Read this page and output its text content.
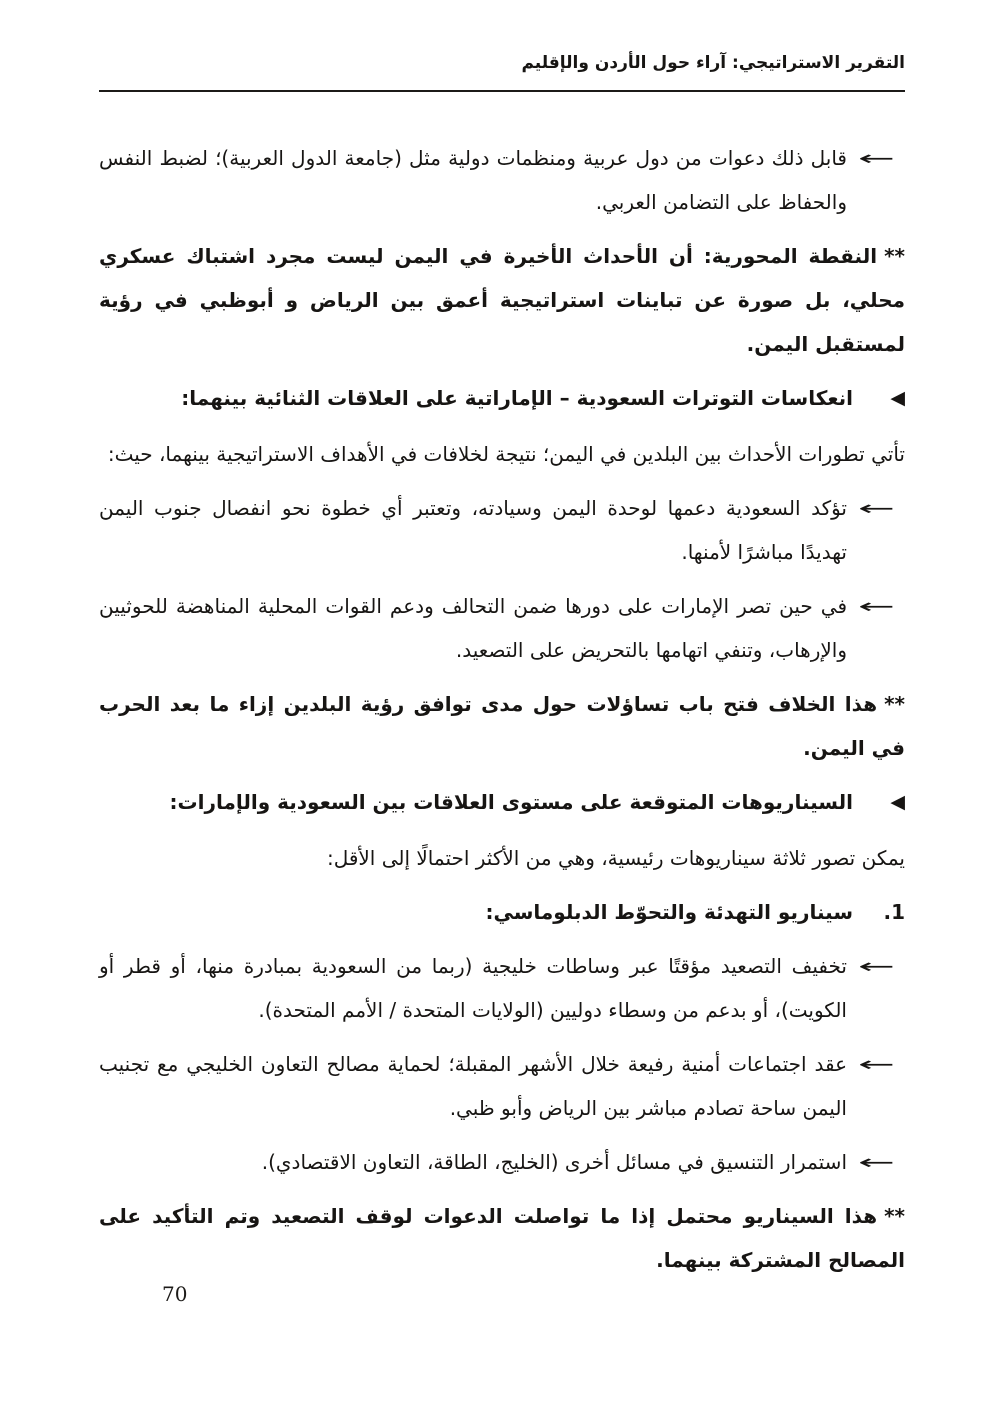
التقرير الاستراتيجي: آراء حول الأردن والإقليم
←

قابل ذلك دعوات من دول عربية ومنظمات دولية مثل (جامعة الدول العربية)؛ لضبط النفس والحفاظ على التضامن العربي.

**النقطة المحورية: أن الأحداث الأخيرة في اليمن ليست مجرد اشتباك عسكري محلي، بل صورة عن تباينات استراتيجية أعمق بين الرياض و أبوظبي في رؤية لمستقبل اليمن.

◀
انعكاسات التوترات السعودية – الإماراتية على العلاقات الثنائية بينهما:

تأتي تطورات الأحداث بين البلدين في اليمن؛ نتيجة لخلافات في الأهداف الاستراتيجية بينهما، حيث:

←

تؤكد السعودية دعمها لوحدة اليمن وسيادته، وتعتبر أي خطوة نحو انفصال جنوب اليمن تهديدًا مباشرًا لأمنها.

←

في حين تصر الإمارات على دورها ضمن التحالف ودعم القوات المحلية المناهضة للحوثيين والإرهاب، وتنفي اتهامها بالتحريض على التصعيد.

**هذا الخلاف فتح باب تساؤلات حول مدى توافق رؤية البلدين إزاء ما بعد الحرب في اليمن.

◀
السيناريوهات المتوقعة على مستوى العلاقات بين السعودية والإمارات:

يمكن تصور ثلاثة سيناريوهات رئيسية، وهي من الأكثر احتمالًا إلى الأقل:

1.
سيناريو التهدئة والتحوّط الدبلوماسي:
←

تخفيف التصعيد مؤقتًا عبر وساطات خليجية (ربما من السعودية بمبادرة منها، أو قطر أو الكويت)، أو بدعم من وسطاء دوليين (الولايات المتحدة / الأمم المتحدة).

←

عقد اجتماعات أمنية رفيعة خلال الأشهر المقبلة؛ لحماية مصالح التعاون الخليجي مع تجنيب اليمن ساحة تصادم مباشر بين الرياض وأبو ظبي.

←

استمرار التنسيق في مسائل أخرى (الخليج، الطاقة، التعاون الاقتصادي).

**هذا السيناريو محتمل إذا ما تواصلت الدعوات لوقف التصعيد وتم التأكيد على المصالح المشتركة بينهما.

70
